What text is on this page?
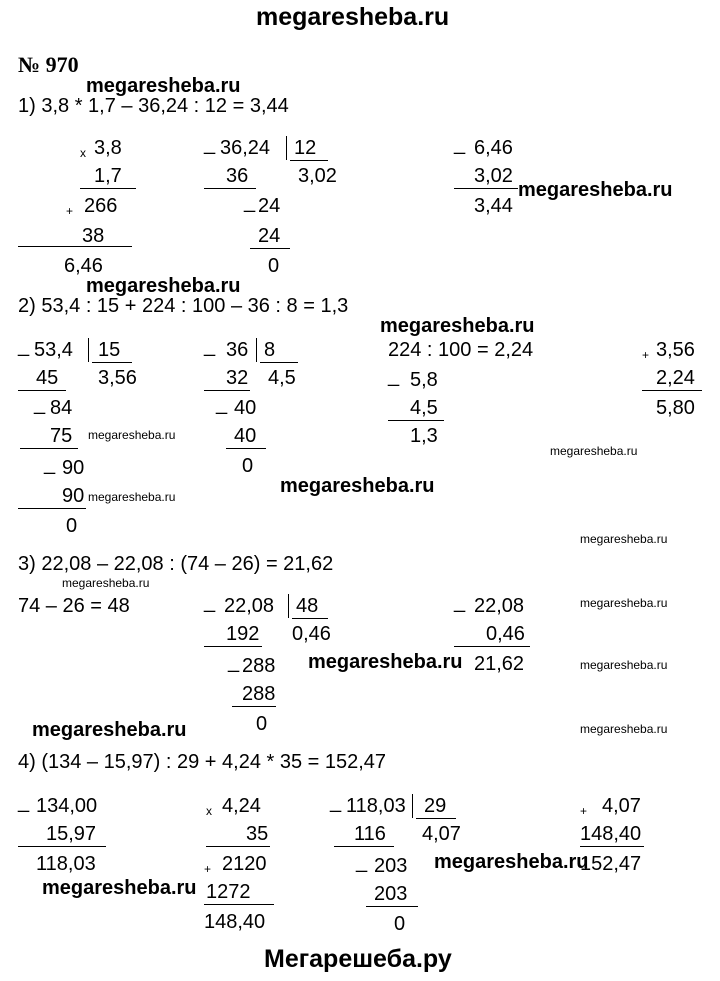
megaresheba.ru
Мегарешеба.ру
№ 970
1) 3,8 * 1,7 – 36,24 : 12 = 3,44
x 3,8
1,7
+ 266
38
6,46
_ 36,24 12
36 3,02
_ 24
24
0
_ 6,46
3,02
3,44
2) 53,4 : 15 + 224 : 100 – 36 : 8 = 1,3
_ 53,4 15
45 3,56
_ 84
75
_ 90
90
0
_ 36 8
32 4,5
_ 40
40
0
224 : 100 = 2,24
_ 5,8
4,5
1,3
+ 3,56
2,24
5,80
3) 22,08 – 22,08 : (74 – 26) = 21,62
74 – 26 = 48	_ 22,08 48
192 0,46
_ 288
288
0
_ 22,08
0,46
21,62
4) (134 – 15,97) : 29 + 4,24 * 35 = 152,47
_ 134,00
15,97
118,03
x 4,24
35
+ 2120
1272
148,40
_ 118,03 29
116 4,07
_ 203
203
0
+ 4,07
148,40
152,47
megaresheba.ru
megaresheba.ru
megaresheba.ru
megaresheba.ru
megaresheba.ru
megaresheba.ru
megaresheba.ru	megaresheba.ru
megaresheba.ru
megaresheba.ru
megaresheba.ru
megaresheba.ru	megaresheba.ru
megaresheba.ru	megaresheba.ru
megaresheba.ru
megaresheba.ru
